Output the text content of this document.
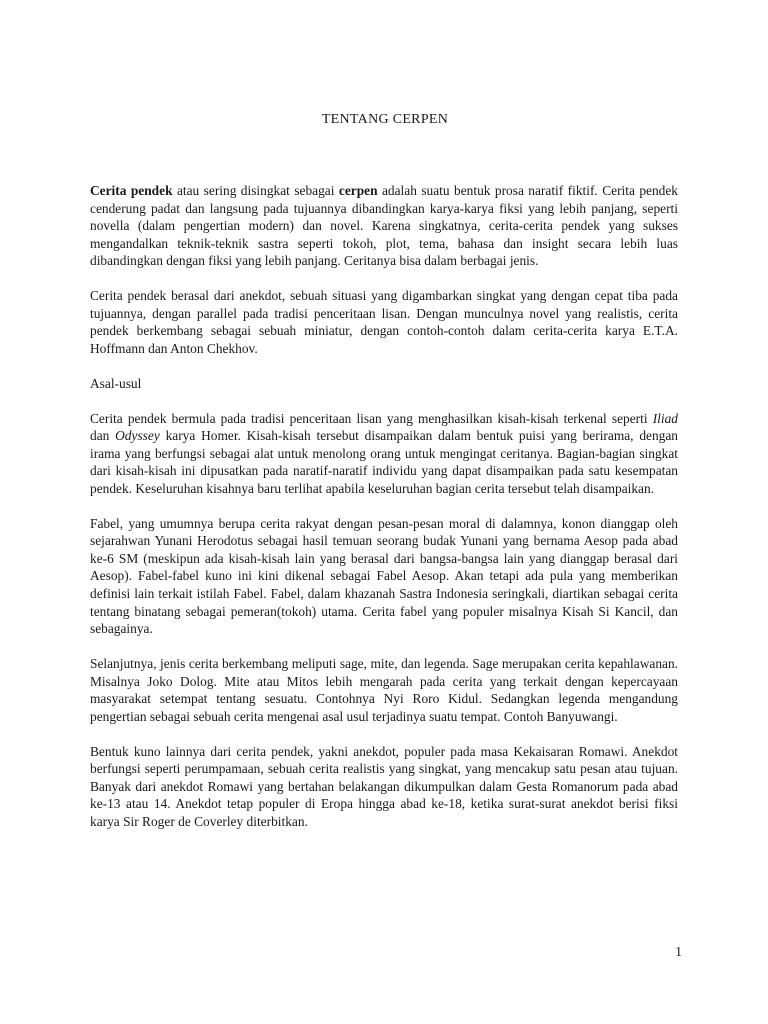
TENTANG CERPEN

Cerita pendek atau sering disingkat sebagai cerpen adalah suatu bentuk prosa naratif fiktif. Cerita pendek cenderung padat dan langsung pada tujuannya dibandingkan karya-karya fiksi yang lebih panjang, seperti novella (dalam pengertian modern) dan novel. Karena singkatnya, cerita-cerita pendek yang sukses mengandalkan teknik-teknik sastra seperti tokoh, plot, tema, bahasa dan insight secara lebih luas dibandingkan dengan fiksi yang lebih panjang. Ceritanya bisa dalam berbagai jenis.

Cerita pendek berasal dari anekdot, sebuah situasi yang digambarkan singkat yang dengan cepat tiba pada tujuannya, dengan parallel pada tradisi penceritaan lisan. Dengan munculnya novel yang realistis, cerita pendek berkembang sebagai sebuah miniatur, dengan contoh-contoh dalam cerita-cerita karya E.T.A. Hoffmann dan Anton Chekhov.

Asal-usul

Cerita pendek bermula pada tradisi penceritaan lisan yang menghasilkan kisah-kisah terkenal seperti Iliad dan Odyssey karya Homer. Kisah-kisah tersebut disampaikan dalam bentuk puisi yang berirama, dengan irama yang berfungsi sebagai alat untuk menolong orang untuk mengingat ceritanya. Bagian-bagian singkat dari kisah-kisah ini dipusatkan pada naratif-naratif individu yang dapat disampaikan pada satu kesempatan pendek. Keseluruhan kisahnya baru terlihat apabila keseluruhan bagian cerita tersebut telah disampaikan.

Fabel, yang umumnya berupa cerita rakyat dengan pesan-pesan moral di dalamnya, konon dianggap oleh sejarahwan Yunani Herodotus sebagai hasil temuan seorang budak Yunani yang bernama Aesop pada abad ke-6 SM (meskipun ada kisah-kisah lain yang berasal dari bangsa-bangsa lain yang dianggap berasal dari Aesop). Fabel-fabel kuno ini kini dikenal sebagai Fabel Aesop. Akan tetapi ada pula yang memberikan definisi lain terkait istilah Fabel. Fabel, dalam khazanah Sastra Indonesia seringkali, diartikan sebagai cerita tentang binatang sebagai pemeran(tokoh) utama. Cerita fabel yang populer misalnya Kisah Si Kancil, dan sebagainya.

Selanjutnya, jenis cerita berkembang meliputi sage, mite, dan legenda. Sage merupakan cerita kepahlawanan. Misalnya Joko Dolog. Mite atau Mitos lebih mengarah pada cerita yang terkait dengan kepercayaan masyarakat setempat tentang sesuatu. Contohnya Nyi Roro Kidul. Sedangkan legenda mengandung pengertian sebagai sebuah cerita mengenai asal usul terjadinya suatu tempat. Contoh Banyuwangi.

Bentuk kuno lainnya dari cerita pendek, yakni anekdot, populer pada masa Kekaisaran Romawi. Anekdot berfungsi seperti perumpamaan, sebuah cerita realistis yang singkat, yang mencakup satu pesan atau tujuan. Banyak dari anekdot Romawi yang bertahan belakangan dikumpulkan dalam Gesta Romanorum pada abad ke-13 atau 14. Anekdot tetap populer di Eropa hingga abad ke-18, ketika surat-surat anekdot berisi fiksi karya Sir Roger de Coverley diterbitkan.

1
